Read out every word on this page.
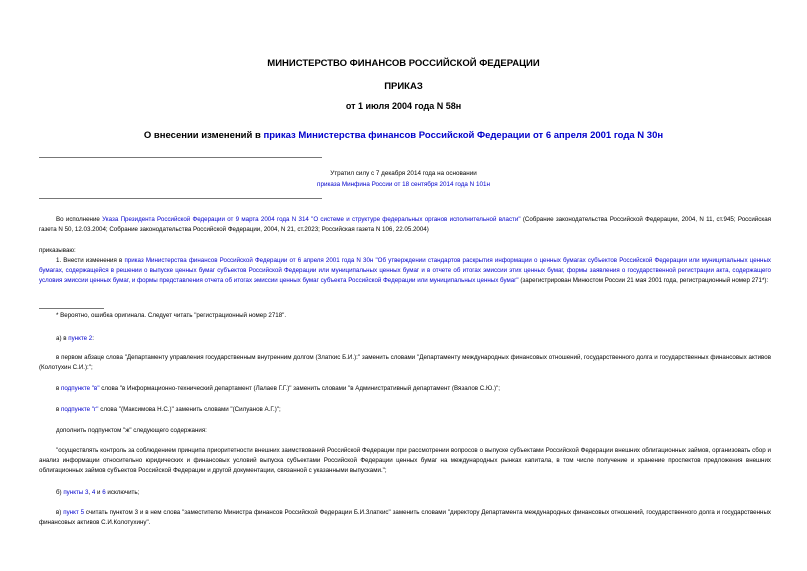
МИНИСТЕРСТВО ФИНАНСОВ РОССИЙСКОЙ ФЕДЕРАЦИИ
ПРИКАЗ
от 1 июля 2004 года N 58н
О внесении изменений в приказ Министерства финансов Российской Федерации от 6 апреля 2001 года N 30н
Утратил силу с 7 декабря 2014 года на основании
приказа Минфина России от 18 сентября 2014 года N 101н
Во исполнение Указа Президента Российской Федерации от 9 марта 2004 года N 314 "О системе и структуре федеральных органов исполнительной власти" (Собрание законодательства Российской Федерации, 2004, N 11, ст.945; Российская газета N 50, 12.03.2004; Собрание законодательства Российской Федерации, 2004, N 21, ст.2023; Российская газета N 106, 22.05.2004)
приказываю:
1. Внести изменения в приказ Министерства финансов Российской Федерации от 6 апреля 2001 года N 30н "Об утверждении стандартов раскрытия информации о ценных бумагах субъектов Российской Федерации или муниципальных ценных бумагах, содержащейся в решении о выпуске ценных бумаг субъектов Российской Федерации или муниципальных ценных бумаг и в отчете об итогах эмиссии этих ценных бумаг, формы заявления о государственной регистрации акта, содержащего условия эмиссии ценных бумаг, и формы представления отчета об итогах эмиссии ценных бумаг субъекта Российской Федерации или муниципальных ценных бумаг" (зарегистрирован Минюстом России 21 мая 2001 года, регистрационный номер 271*):
* Вероятно, ошибка оригинала. Следует читать "регистрационный номер 2718".
а) в пункте 2:
в первом абзаце слова "Департаменту управления государственным внутренним долгом (Златкис Б.И.):" заменить словами "Департаменту международных финансовых отношений, государственного долга и государственных финансовых активов (Колотухин С.И.):";
в подпункте "в" слова "в Информационно-технический департамент (Лалаев Г.Г.)" заменить словами "в Административный департамент (Вязалов С.Ю.)";
в подпункте "г" слова "(Максимова Н.С.)" заменить словами "(Силуанов А.Г.)";
дополнить подпунктом "ж" следующего содержания:
"осуществлять контроль за соблюдением принципа приоритетности внешних заимствований Российской Федерации при рассмотрении вопросов о выпуске субъектами Российской Федерации внешних облигационных займов, организовать сбор и анализ информации относительно юридических и финансовых условий выпуска субъектами Российской Федерации ценных бумаг на международных рынках капитала, в том числе получение и хранение проспектов предложения внешних облигационных займов субъектов Российской Федерации и другой документации, связанной с указанными выпусками.";
б) пункты 3, 4 и 6 исключить;
в) пункт 5 считать пунктом 3 и в нем слова "заместителю Министра финансов Российской Федерации Б.И.Златкис" заменить словами "директору Департамента международных финансовых отношений, государственного долга и государственных финансовых активов С.И.Колотухину".
